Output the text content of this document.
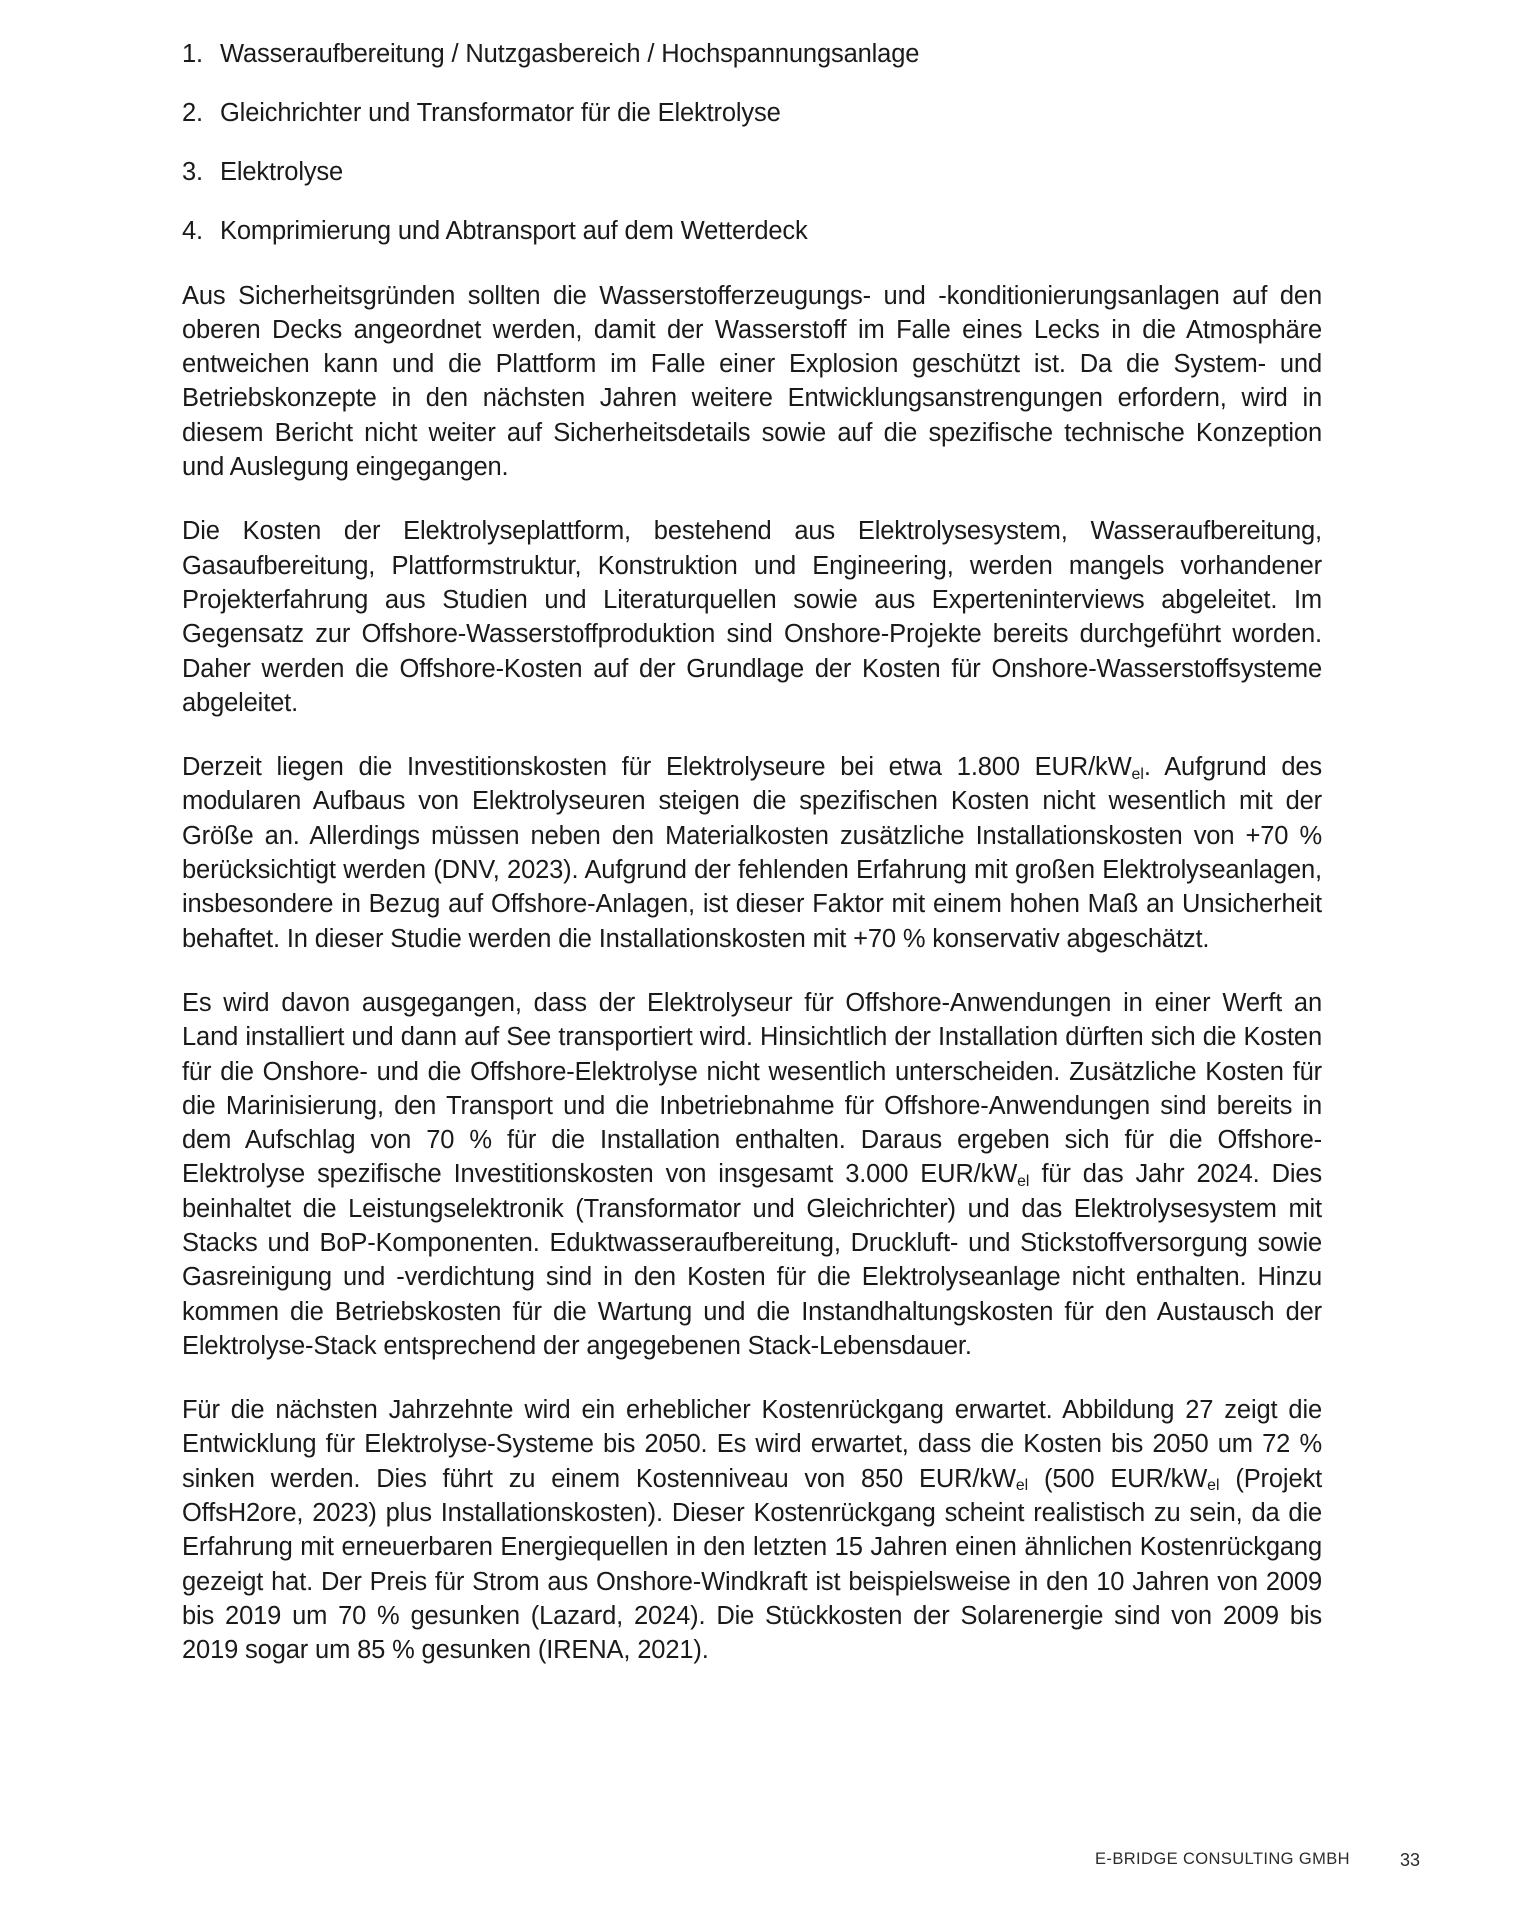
1. Wasseraufbereitung / Nutzgasbereich / Hochspannungsanlage
2. Gleichrichter und Transformator für die Elektrolyse
3. Elektrolyse
4. Komprimierung und Abtransport auf dem Wetterdeck

Aus Sicherheitsgründen sollten die Wasserstofferzeugungs- und -konditionierungsanlagen auf den oberen Decks angeordnet werden, damit der Wasserstoff im Falle eines Lecks in die Atmosphäre entweichen kann und die Plattform im Falle einer Explosion geschützt ist. Da die System- und Betriebskonzepte in den nächsten Jahren weitere Entwicklungsanstrengungen erfordern, wird in diesem Bericht nicht weiter auf Sicherheitsdetails sowie auf die spezifische technische Konzeption und Auslegung eingegangen.

Die Kosten der Elektrolyseplattform, bestehend aus Elektrolysesystem, Wasseraufbereitung, Gasaufbereitung, Plattformstruktur, Konstruktion und Engineering, werden mangels vorhandener Projekterfahrung aus Studien und Literaturquellen sowie aus Experteninterviews abgeleitet. Im Gegensatz zur Offshore-Wasserstoffproduktion sind Onshore-Projekte bereits durchgeführt worden. Daher werden die Offshore-Kosten auf der Grundlage der Kosten für Onshore-Wasserstoffsysteme abgeleitet.

Derzeit liegen die Investitionskosten für Elektrolyseure bei etwa 1.800 EUR/$kW_{el}$. Aufgrund des modularen Aufbaus von Elektrolyseuren steigen die spezifischen Kosten nicht wesentlich mit der Größe an. Allerdings müssen neben den Materialkosten zusätzliche Installationskosten von +70 % berücksichtigt werden (DNV, 2023). Aufgrund der fehlenden Erfahrung mit großen Elektrolyseanlagen, insbesondere in Bezug auf Offshore-Anlagen, ist dieser Faktor mit einem hohen Maß an Unsicherheit behaftet. In dieser Studie werden die Installationskosten mit +70 % konservativ abgeschätzt.

Es wird davon ausgegangen, dass der Elektrolyseur für Offshore-Anwendungen in einer Werft an Land installiert und dann auf See transportiert wird. Hinsichtlich der Installation dürften sich die Kosten für die Onshore- und die Offshore-Elektrolyse nicht wesentlich unterscheiden. Zusätzliche Kosten für die Marinisierung, den Transport und die Inbetriebnahme für Offshore-Anwendungen sind bereits in dem Aufschlag von 70 % für die Installation enthalten. Daraus ergeben sich für die Offshore-Elektrolyse spezifische Investitionskosten von insgesamt 3.000 EUR/$kW_{el}$ für das Jahr 2024. Dies beinhaltet die Leistungselektronik (Transformator und Gleichrichter) und das Elektrolysesystem mit Stacks und BoP-Komponenten. Eduktwasseraufbereitung, Druckluft- und Stickstoffversorgung sowie Gasreinigung und -verdichtung sind in den Kosten für die Elektrolyseanlage nicht enthalten. Hinzu kommen die Betriebskosten für die Wartung und die Instandhaltungskosten für den Austausch der Elektrolyse-Stack entsprechend der angegebenen Stack-Lebensdauer.

Für die nächsten Jahrzehnte wird ein erheblicher Kostenrückgang erwartet. Abbildung 27 zeigt die Entwicklung für Elektrolyse-Systeme bis 2050. Es wird erwartet, dass die Kosten bis 2050 um 72 % sinken werden. Dies führt zu einem Kostenniveau von 850 EUR/$kW_{el}$ (500 EUR/$kW_{el}$ (Projekt OffsH2ore, 2023) plus Installationskosten). Dieser Kostenrückgang scheint realistisch zu sein, da die Erfahrung mit erneuerbaren Energiequellen in den letzten 15 Jahren einen ähnlichen Kostenrückgang gezeigt hat. Der Preis für Strom aus Onshore-Windkraft ist beispielsweise in den 10 Jahren von 2009 bis 2019 um 70 % gesunken (Lazard, 2024). Die Stückkosten der Solarenergie sind von 2009 bis 2019 sogar um 85 % gesunken (IRENA, 2021).

E-BRIDGE CONSULTING GMBH	33
